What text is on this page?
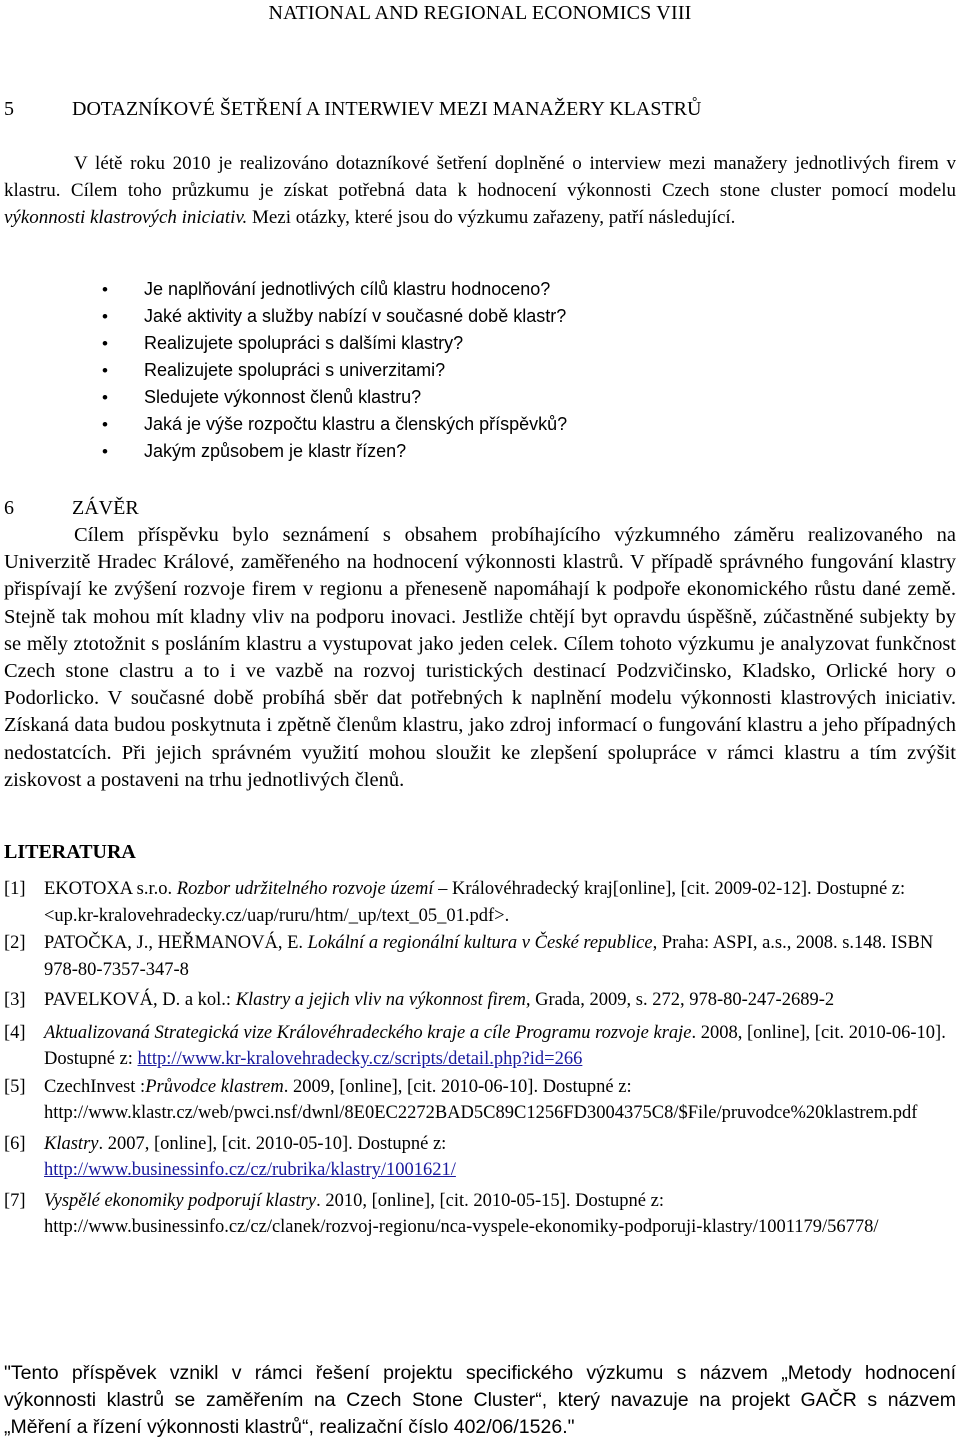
NATIONAL AND REGIONAL ECONOMICS VIII
5	DOTAZNÍKOVÉ ŠETŘENÍ A INTERWIEV MEZI MANAŽERY KLASTRŮ
V létě roku 2010 je realizováno dotazníkové šetření doplněné o interview mezi manažery jednotlivých firem v klastru. Cílem toho průzkumu je získat potřebná data k hodnocení výkonnosti Czech stone cluster pomocí modelu výkonnosti klastrových iniciativ. Mezi otázky, které jsou do výzkumu zařazeny, patří následující.
• Je naplňování jednotlivých cílů klastru hodnoceno?
• Jaké aktivity a služby nabízí v současné době klastr?
• Realizujete spolupráci s dalšími klastry?
• Realizujete spolupráci s univerzitami?
• Sledujete výkonnost členů klastru?
• Jaká je výše rozpočtu klastru a členských příspěvků?
• Jakým způsobem je klastr řízen?
6	ZÁVĚR
Cílem příspěvku bylo seznámení s obsahem probíhajícího výzkumného záměru realizovaného na Univerzitě Hradec Králové, zaměřeného na hodnocení výkonnosti klastrů. V případě správného fungování klastry přispívají ke zvýšení rozvoje firem v regionu a přeneseně napomáhají k podpoře ekonomického růstu dané země. Stejně tak mohou mít kladny vliv na podporu inovaci. Jestliže chtějí byt opravdu úspěšně, zúčastněné subjekty by se měly ztotožnit s posláním klastru a vystupovat jako jeden celek. Cílem tohoto výzkumu je analyzovat funkčnost Czech stone clastru a to i ve vazbě na rozvoj turistických destinací Podzvičinsko, Kladsko, Orlické hory o Podorlicko. V současné době probíhá sběr dat potřebných k naplnění modelu výkonnosti klastrových iniciativ. Získaná data budou poskytnuta i zpětně členům klastru, jako zdroj informací o fungování klastru a jeho případných nedostatcích. Při jejich správném využití mohou sloužit ke zlepšení spolupráce v rámci klastru a tím zvýšit ziskovost a postaveni na trhu jednotlivých členů.
LITERATURA
[1] EKOTOXA s.r.o. Rozbor udržitelného rozvoje území – Královéhradecký kraj[online], [cit. 2009-02-12]. Dostupné z:
<up.kr-kralovehradecky.cz/uap/ruru/htm/_up/text_05_01.pdf>.
[2] PATOČKA, J., HEŘMANOVÁ, E. Lokální a regionální kultura v České republice, Praha: ASPI, a.s., 2008. s.148. ISBN 978-80-7357-347-8
[3] PAVELKOVÁ, D. a kol.: Klastry a jejich vliv na výkonnost firem, Grada, 2009, s. 272, 978-80-247-2689-2
[4] Aktualizovaná Strategická vize Královéhradeckého kraje a cíle Programu rozvoje kraje. 2008, [online], [cit. 2010-06-10]. Dostupné z: http://www.kr-kralovehradecky.cz/scripts/detail.php?id=266
[5] CzechInvest :Průvodce klastrem. 2009, [online], [cit. 2010-06-10]. Dostupné z:
http://www.klastr.cz/web/pwci.nsf/dwnl/8E0EC2272BAD5C89C1256FD3004375C8/$File/pruvodce%20klastrem.pdf
[6] Klastry. 2007, [online], [cit. 2010-05-10]. Dostupné z:
http://www.businessinfo.cz/cz/rubrika/klastry/1001621/
[7] Vyspělé ekonomiky podporují klastry. 2010, [online], [cit. 2010-05-15]. Dostupné z:
http://www.businessinfo.cz/cz/clanek/rozvoj-regionu/nca-vyspele-ekonomiky-podporuji-klastry/1001179/56778/
"Tento příspěvek vznikl v rámci řešení projektu specifického výzkumu s názvem „Metody hodnocení výkonnosti klastrů se zaměřením na Czech Stone Cluster“, který navazuje na projekt GAČR s názvem „Měření a řízení výkonnosti klastrů“, realizační číslo 402/06/1526."
